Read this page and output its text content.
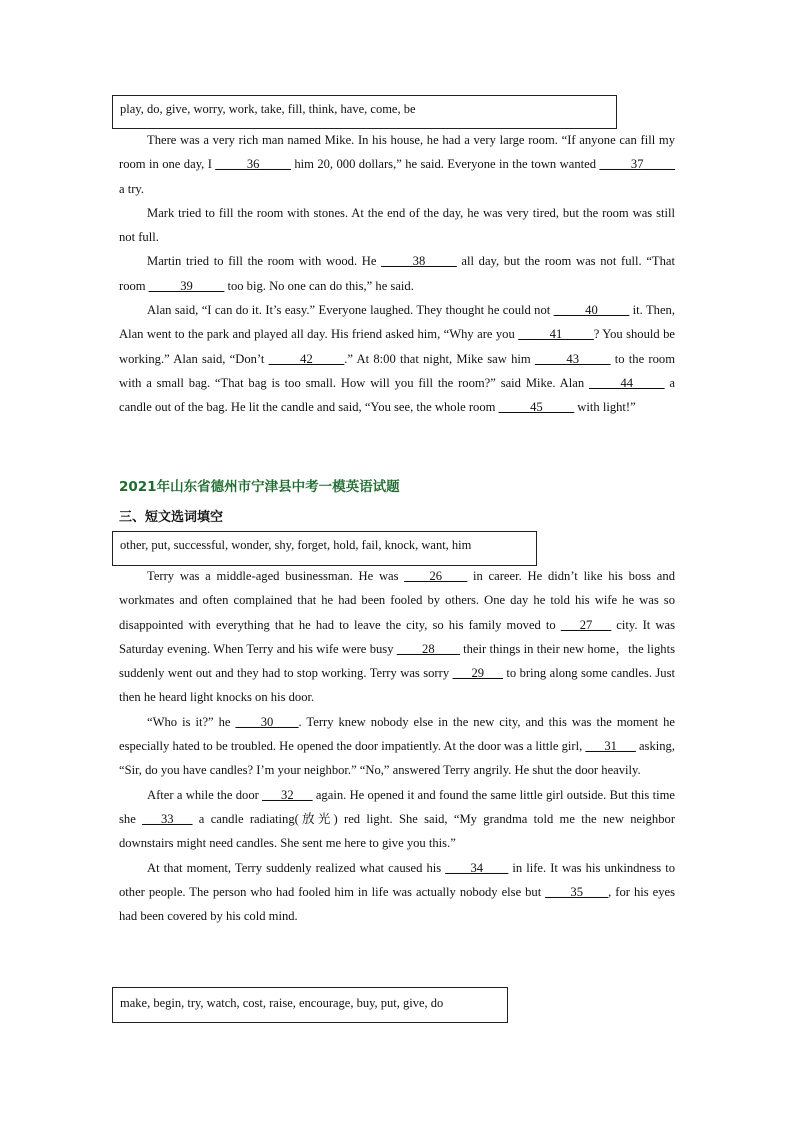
play, do, give, worry, work, take, fill, think, have, come, be

There was a very rich man named Mike. In his house, he had a very large room. “If anyone can fill my room in one day, I _____36_____ him 20, 000 dollars,” he said. Everyone in the town wanted _____37_____ a try.

Mark tried to fill the room with stones. At the end of the day, he was very tired, but the room was still not full.

Martin tried to fill the room with wood. He _____38_____ all day, but the room was not full. “That room _____39_____ too big. No one can do this,” he said.

Alan said, “I can do it. It’s easy.” Everyone laughed. They thought he could not _____40_____ it. Then, Alan went to the park and played all day. His friend asked him, “Why are you _____41_____? You should be working.” Alan said, “Don’t _____42_____.” At 8:00 that night, Mike saw him _____43_____ to the room with a small bag. “That bag is too small. How will you fill the room?” said Mike. Alan _____44_____ a candle out of the bag. He lit the candle and said, “You see, the whole room _____45_____ with light!”

2021年山东省德州市宁津县中考一模英语试题
三、短文选词填空
other, put, successful, wonder, shy, forget, hold, fail, knock, want, him

Terry was a middle-aged businessman. He was ____26____ in career. He didn’t like his boss and workmates and often complained that he had been fooled by others. One day he told his wife he was so disappointed with everything that he had to leave the city, so his family moved to ___27___ city. It was Saturday evening. When Terry and his wife were busy ____28____ their things in their new home，the lights suddenly went out and they had to stop working. Terry was sorry ___29___ to bring along some candles. Just then he heard light knocks on his door.

“Who is it?” he ____30____. Terry knew nobody else in the new city, and this was the moment he especially hated to be troubled. He opened the door impatiently. At the door was a little girl, ___31___ asking, “Sir, do you have candles? I’m your neighbor.” “No,” answered Terry angrily. He shut the door heavily.

After a while the door ___32___ again. He opened it and found the same little girl outside. But this time she ___33___ a candle radiating(放光) red light. She said, “My grandma told me the new neighbor downstairs might need candles. She sent me here to give you this.”

At that moment, Terry suddenly realized what caused his ____34____ in life. It was his unkindness to other people. The person who had fooled him in life was actually nobody else but ____35____, for his eyes had been covered by his cold mind.

make, begin, try, watch, cost, raise, encourage, buy, put, give, do
